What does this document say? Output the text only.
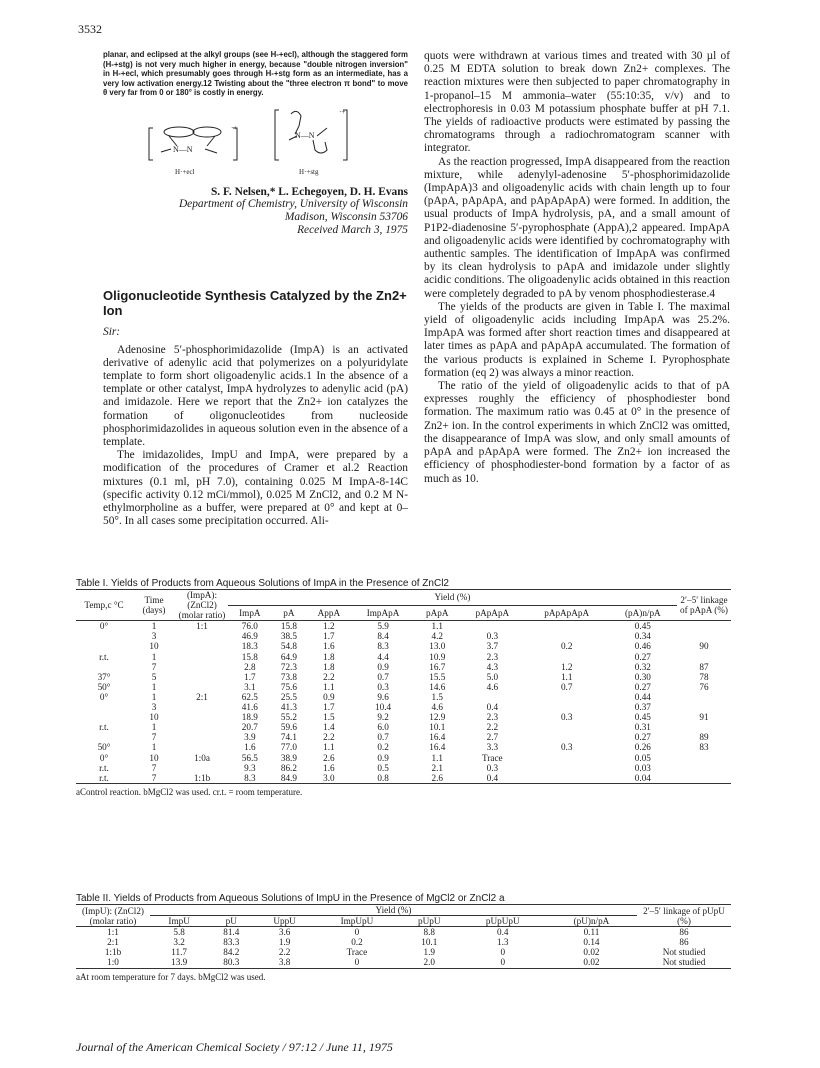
3532

planar, and eclipsed at the alkyl groups (see H-+ecl), although the staggered form (H-+stg) is not very much higher in energy, because "double nitrogen inversion" in H-+ecl, which presumably goes through H-+stg form as an intermediate, has a very low activation energy.12 Twisting about the "three electron π bond" to move θ very far from 0 or 180° is costly in energy.

·+
N—N
H·+ecl
·+
N—N
H·+stg
S. F. Nelsen,* L. Echegoyen, D. H. Evans
Department of Chemistry, University of Wisconsin
Madison, Wisconsin 53706
Received March 3, 1975
Oligonucleotide Synthesis Catalyzed by the Zn2+ Ion
Sir:

Adenosine 5′-phosphorimidazolide (ImpA) is an activated derivative of adenylic acid that polymerizes on a polyuridylate template to form short oligoadenylic acids.1 In the absence of a template or other catalyst, ImpA hydrolyzes to adenylic acid (pA) and imidazole. Here we report that the Zn2+ ion catalyzes the formation of oligonucleotides from nucleoside phosphorimidazolides in aqueous solution even in the absence of a template.

The imidazolides, ImpU and ImpA, were prepared by a modification of the procedures of Cramer et al.2 Reaction mixtures (0.1 ml, pH 7.0), containing 0.025 M ImpA-8-14C (specific activity 0.12 mCi/mmol), 0.025 M ZnCl2, and 0.2 M N-ethylmorpholine as a buffer, were prepared at 0° and kept at 0–50°. In all cases some precipitation occurred. Ali-

quots were withdrawn at various times and treated with 30 µl of 0.25 M EDTA solution to break down Zn2+ complexes. The reaction mixtures were then subjected to paper chromatography in 1-propanol–15 M ammonia–water (55:10:35, v/v) and to electrophoresis in 0.03 M potassium phosphate buffer at pH 7.1. The yields of radioactive products were estimated by passing the chromatograms through a radiochromatogram scanner with integrator.

As the reaction progressed, ImpA disappeared from the reaction mixture, while adenylyl-adenosine 5′-phosphorimidazolide (ImpApA)3 and oligoadenylic acids with chain length up to four (pApA, pApApA, and pApApApA) were formed. In addition, the usual products of ImpA hydrolysis, pA, and a small amount of P1P2-diadenosine 5′-pyrophosphate (AppA),2 appeared. ImpApA and oligoadenylic acids were identified by cochromatography with authentic samples. The identification of ImpApA was confirmed by its clean hydrolysis to pApA and imidazole under slightly acidic conditions. The oligoadenylic acids obtained in this reaction were completely degraded to pA by venom phosphodiesterase.4

The yields of the products are given in Table I. The maximal yield of oligoadenylic acids including ImpApA was 25.2%. ImpApA was formed after short reaction times and disappeared at later times as pApA and pApApA accumulated. The formation of the various products is explained in Scheme I. Pyrophosphate formation (eq 2) was always a minor reaction.

The ratio of the yield of oligoadenylic acids to that of pA expresses roughly the efficiency of phosphodiester bond formation. The maximum ratio was 0.45 at 0° in the presence of Zn2+ ion. In the control experiments in which ZnCl2 was omitted, the disappearance of ImpA was slow, and only small amounts of pApA and pApApA were formed. The Zn2+ ion increased the efficiency of phosphodiester-bond formation by a factor of as much as 10.

Table I. Yields of Products from Aqueous Solutions of ImpA in the Presence of ZnCl2
Temp,c °C	Time (days)	(ImpA): (ZnCl2) (molar ratio)	Yield (%)								2′–5′ linkage of pApA (%)
			ImpA	pA	AppA	ImpApA	pApA	pApApA	pApApApA	(pA)n/pA	
0°	1	1:1	76.0	15.8	1.2	5.9	1.1			0.45	
	3		46.9	38.5	1.7	8.4	4.2	0.3		0.34	
	10		18.3	54.8	1.6	8.3	13.0	3.7	0.2	0.46	90
r.t.	1		15.8	64.9	1.8	4.4	10.9	2.3		0.27	
	7		2.8	72.3	1.8	0.9	16.7	4.3	1.2	0.32	87
37°	5		1.7	73.8	2.2	0.7	15.5	5.0	1.1	0.30	78
50°	1		3.1	75.6	1.1	0.3	14.6	4.6	0.7	0.27	76
0°	1	2:1	62.5	25.5	0.9	9.6	1.5			0.44	
	3		41.6	41.3	1.7	10.4	4.6	0.4		0.37	
	10		18.9	55.2	1.5	9.2	12.9	2.3	0.3	0.45	91
r.t.	1		20.7	59.6	1.4	6.0	10.1	2.2		0.31	
	7		3.9	74.1	2.2	0.7	16.4	2.7		0.27	89
50°	1		1.6	77.0	1.1	0.2	16.4	3.3	0.3	0.26	83
0°	10	1:0a	56.5	38.9	2.6	0.9	1.1	Trace		0.05	
r.t.	7		9.3	86.2	1.6	0.5	2.1	0.3		0.03	
r.t.	7	1:1b	8.3	84.9	3.0	0.8	2.6	0.4		0.04	
aControl reaction. bMgCl2 was used. cr.t. = room temperature.
Table II. Yields of Products from Aqueous Solutions of ImpU in the Presence of MgCl2 or ZnCl2 a
(ImpU): (ZnCl2) (molar ratio)	Yield (%)							2′–5′ linkage of pUpU (%)
	ImpU	pU	UppU	ImpUpU	pUpU	pUpUpU	(pU)n/pA	
1:1	5.8	81.4	3.6	0	8.8	0.4	0.11	86
2:1	3.2	83.3	1.9	0.2	10.1	1.3	0.14	86
1:1b	11.7	84.2	2.2	Trace	1.9	0	0.02	Not studied
1:0	13.9	80.3	3.8	0	2.0	0	0.02	Not studied
aAt room temperature for 7 days. bMgCl2 was used.
Journal of the American Chemical Society / 97:12 / June 11, 1975
